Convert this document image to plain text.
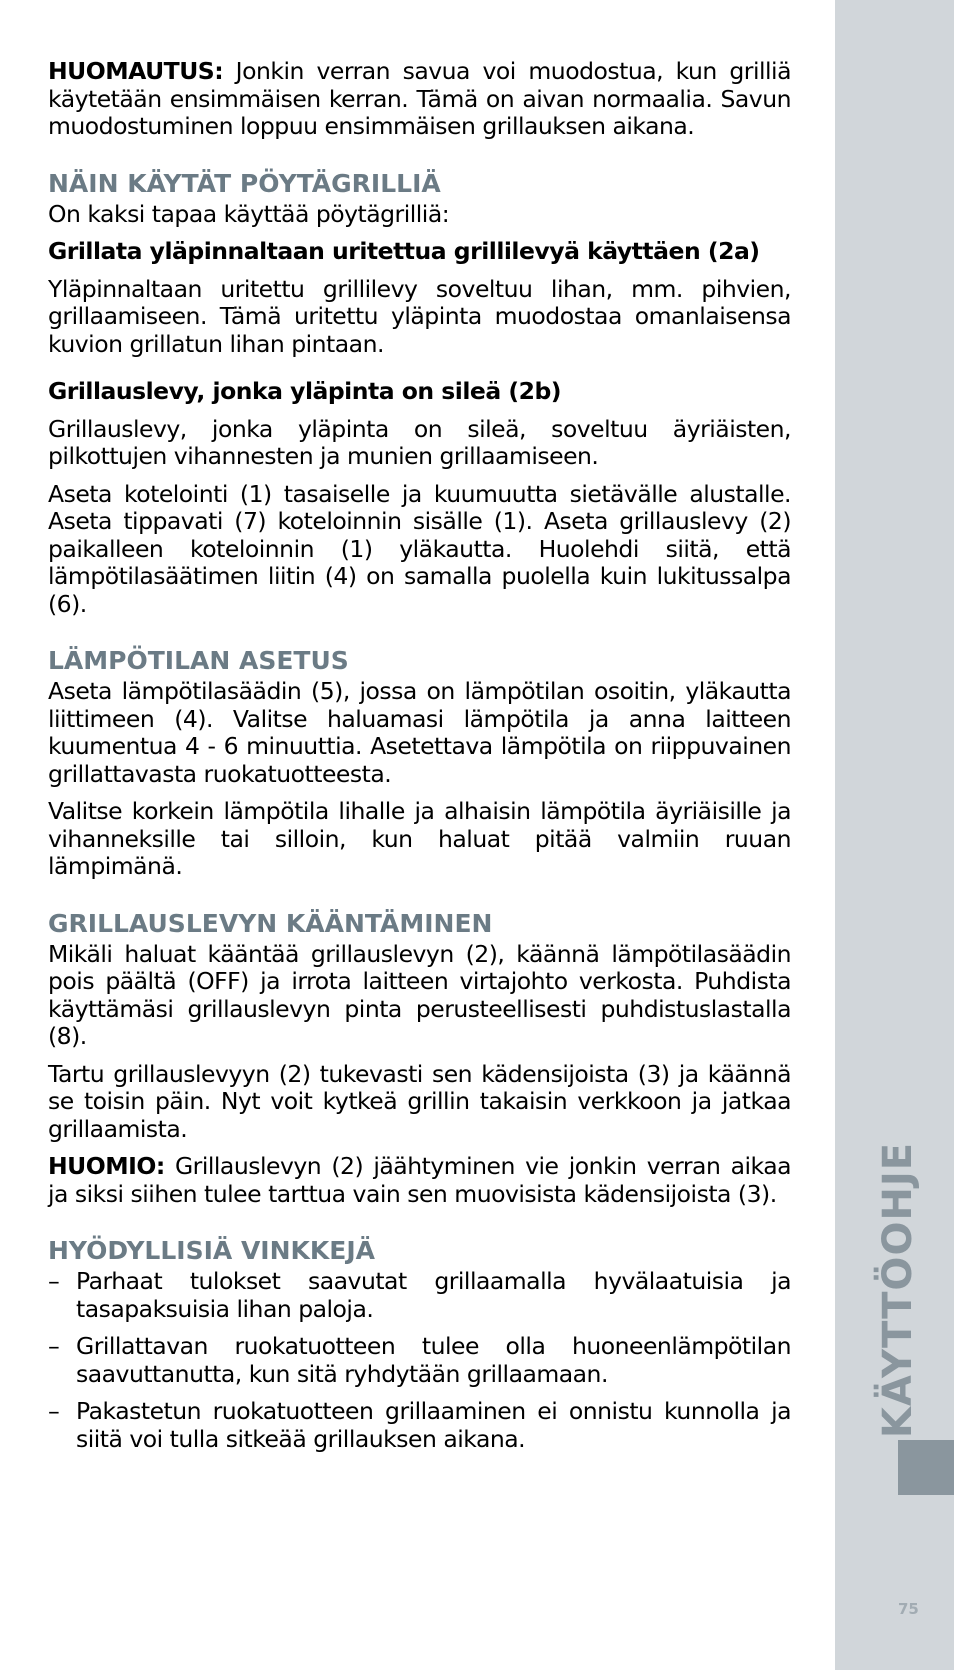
HUOMAUTUS: Jonkin verran savua voi muodostua, kun grilliä käytetään ensimmäisen kerran. Tämä on aivan normaalia. Savun muodostuminen loppuu ensimmäisen grillauksen aikana.

NÄIN KÄYTÄT PÖYTÄGRILLIÄ

On kaksi tapaa käyttää pöytägrilliä:

Grillata yläpinnaltaan uritettua grillilevyä käyttäen (2a)

Yläpinnaltaan uritettu grillilevy soveltuu lihan, mm. pihvien, grillaamiseen. Tämä uritettu yläpinta muodostaa omanlaisensa kuvion grillatun lihan pintaan.

Grillauslevy, jonka yläpinta on sileä (2b)

Grillauslevy, jonka yläpinta on sileä, soveltuu äyriäisten, pilkottujen vihannesten ja munien grillaamiseen.

Aseta kotelointi (1) tasaiselle ja kuumuutta sietävälle alustalle. Aseta tippavati (7) koteloinnin sisälle (1). Aseta grillauslevy (2) paikalleen koteloinnin (1) yläkautta. Huolehdi siitä, että lämpötilasäätimen liitin (4) on samalla puolella kuin lukitussalpa (6).

LÄMPÖTILAN ASETUS

Aseta lämpötilasäädin (5), jossa on lämpötilan osoitin, yläkautta liittimeen (4). Valitse haluamasi lämpötila ja anna laitteen kuumentua 4 - 6 minuuttia. Asetettava lämpötila on riippuvainen grillattavasta ruokatuotteesta.

Valitse korkein lämpötila lihalle ja alhaisin lämpötila äyriäisille ja vihanneksille tai silloin, kun haluat pitää valmiin ruuan lämpimänä.

GRILLAUSLEVYN KÄÄNTÄMINEN

Mikäli haluat kääntää grillauslevyn (2), käännä lämpötilasäädin pois päältä (OFF) ja irrota laitteen virtajohto verkosta. Puhdista käyttämäsi grillauslevyn pinta perusteellisesti puhdistuslastalla (8).

Tartu grillauslevyyn (2) tukevasti sen kädensijoista (3) ja käännä se toisin päin. Nyt voit kytkeä grillin takaisin verkkoon ja jatkaa grillaamista.

HUOMIO: Grillauslevyn (2) jäähtyminen vie jonkin verran aikaa ja siksi siihen tulee tarttua vain sen muovisista kädensijoista (3).

HYÖDYLLISIÄ VINKKEJÄ
– Parhaat tulokset saavutat grillaamalla hyvälaatuisia ja tasapaksuisia lihan paloja.
– Grillattavan ruokatuotteen tulee olla huoneenlämpötilan saavuttanutta, kun sitä ryhdytään grillaamaan.
– Pakastetun ruokatuotteen grillaaminen ei onnistu kunnolla ja siitä voi tulla sitkeää grillauksen aikana.
KÄYTTÖOHJE
75
